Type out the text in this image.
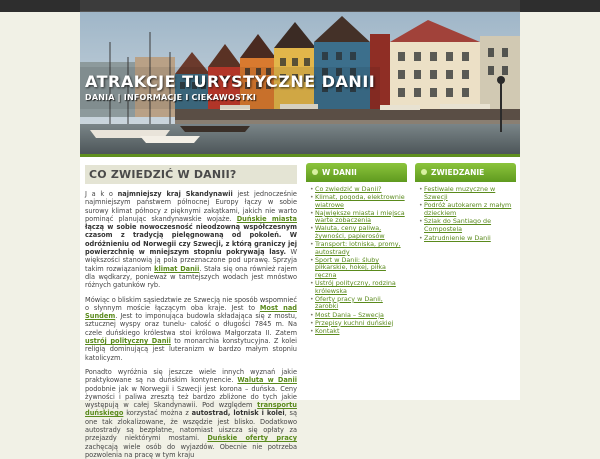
ATRAKCJE TURYSTYCZNE DANII
DANIA | INFORMACJE I CIEKAWOSTKI
CO ZWIEDZIĆ W DANII?

J a k o najmniejszy kraj Skandynawii jest jednocześnie najmniejszym państwem północnej Europy łączy w sobie surowy klimat północy z pięknymi zakątkami, jakich nie warto pominąć planując skandynawskie wojaże. Duńskie miasta łączą w sobie nowoczesność nieodzowną współczesnym czasom z tradycją pielęgnowaną od pokoleń. W odróżnieniu od Norwegii czy Szwecji, z którą graniczy jej powierzchnię w mniejszym stopniu pokrywają lasy. W większości stanowią ją pola przeznaczone pod uprawę. Sprzyja takim rozwiązaniom klimat Danii. Stała się ona również rajem dla wędkarzy, ponieważ w tamtejszych wodach jest mnóstwo różnych gatunków ryb.

Mówiąc o bliskim sąsiedztwie ze Szwecją nie sposób wspomnieć o słynnym moście łączącym oba kraje. Jest to Most nad Sundem. Jest to imponująca budowla składająca się z mostu, sztucznej wyspy oraz tunelu- całość o długości 7845 m. Na czele duńskiego królestwa stoi królowa Małgorzata II. Zatem ustrój polityczny Danii to monarchia konstytucyjna. Z kolei religią dominującą jest luteranizm w bardzo małym stopniu katolicyzm.

Ponadto wyróżnia się jeszcze wiele innych wyznań jakie praktykowane są na duńskim kontynencie. Waluta w Danii podobnie jak w Norwegii i Szwecji jest korona – duńska. Ceny żywności i paliwa zresztą też bardzo zbliżone do tych jakie występują w całej Skandynawii. Pod względem transportu duńskiego korzystać można z autostrad, lotnisk i kolei, są one tak zlokalizowane, że wszędzie jest blisko. Dodatkowo autostrady są bezpłatne, natomiast uiszcza się opłaty za przejazdy niektórymi mostami. Duńskie oferty pracy zachęcają wiele osób do wyjazdów. Obecnie nie potrzeba pozwolenia na pracę w tym kraju

W DANII
• Co zwiedzić w Danii?
• Klimat, pogoda, elektrownie wiatrowe
• Największe miasta i miejsca warte zobaczenia
• Waluta, ceny paliwa, żywności, papierosów
• Transport: lotniska, promy, autostrady
• Sport w Danii: śluby piłkarskie, hokej, piłka ręczna
• Ustrój polityczny, rodzina królewska
• Oferty pracy w Danii, zarobki
• Most Dania – Szwecja
• Przepisy kuchni duńskiej
• Kontakt
ZWIEDZANIE
• Festiwale muzyczne w Szwecji
• Podróż autokarem z małym dzieckiem
• Szlak do Santiago de Compostela
• Zatrudnienie w Danii
